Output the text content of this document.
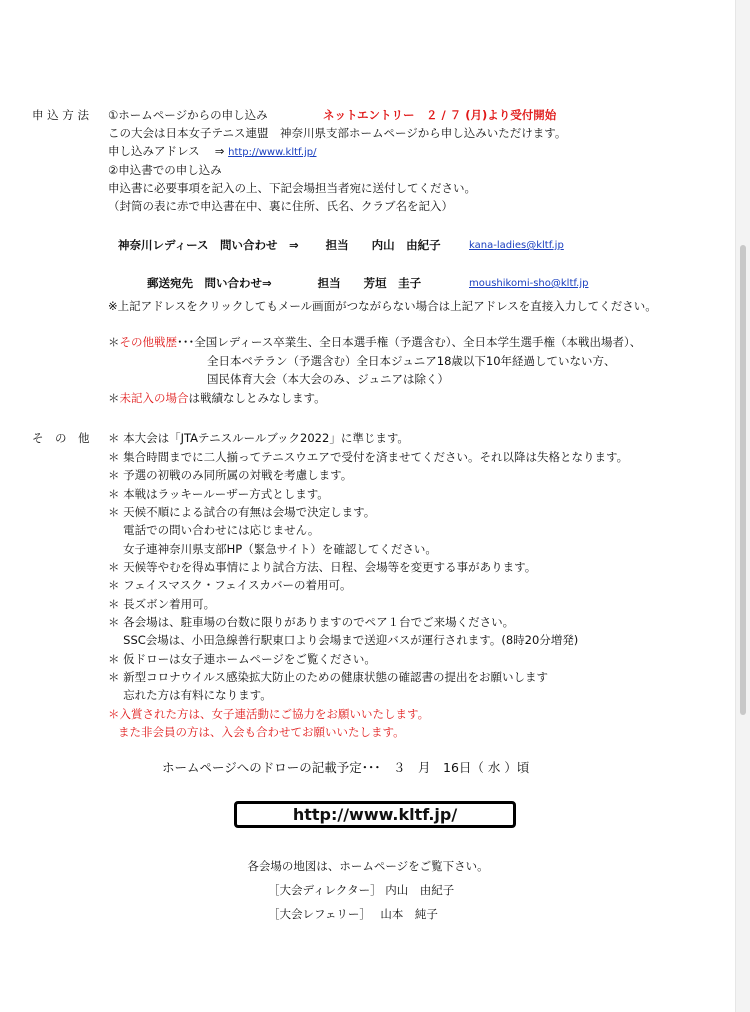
申 込 方 法 ①ホームページからの申し込み	ネットエントリー　２ / ７ (月)より受付開始
この大会は日本女子テニス連盟　神奈川県支部ホームページから申し込みいただけます。
申し込みアドレス　 ⇒ http://www.kltf.jp/
②申込書での申し込み
申込書に必要事項を記入の上、下記会場担当者宛に送付してください。
（封筒の表に赤で申込書在中、裏に住所、氏名、クラブ名を記入）
神奈川レディース　問い合わせ　⇒　　 担当　　内山　由紀子	kana-ladies@kltf.jp
郵送宛先　問い合わせ⇒　　　　担当　　芳垣　圭子	moushikomi-sho@kltf.jp
※上記アドレスをクリックしてもメール画面がつながらない場合は上記アドレスを直接入力してください。
＊その他戦歴･･･全国レディース卒業生、全日本選手権（予選含む）、全日本学生選手権（本戦出場者）、
全日本ベテラン（予選含む）全日本ジュニア18歳以下10年経過していない方、
国民体育大会（本大会のみ、ジュニアは除く）
＊未記入の場合は戦績なしとみなします。
そ　の　他 ＊ 本大会は「JTAテニスルールブック2022」に準じます。
＊ 集合時間までに二人揃ってテニスウエアで受付を済ませてください。それ以降は失格となります。
＊ 予選の初戦のみ同所属の対戦を考慮します。
＊ 本戦はラッキールーザー方式とします。
＊ 天候不順による試合の有無は会場で決定します。
　 電話での問い合わせには応じません。
　 女子連神奈川県支部HP（緊急サイト）を確認してください。
＊ 天候等やむを得ぬ事情により試合方法、日程、会場等を変更する事があります。
＊ フェイスマスク・フェイスカバーの着用可。
＊ 長ズボン着用可。
＊ 各会場は、駐車場の台数に限りがありますのでペア１台でご来場ください。
　 SSC会場は、小田急線善行駅東口より会場まで送迎バスが運行されます。(8時20分増発)
＊ 仮ドローは女子連ホームページをご覧ください。
＊ 新型コロナウイルス感染拡大防止のための健康状態の確認書の提出をお願いします
　 忘れた方は有料になります。
＊入賞された方は、女子連活動にご協力をお願いいたします。
また非会員の方は、入会も合わせてお願いいたします。
ホームページへのドローの記載予定･･･　３　月　16日（ 水 ）頃
http://www.kltf.jp/
各会場の地図は、ホームページをご覧下さい。
［大会ディレクター］ 内山　由紀子
［大会レフェリー］　 山本　純子
